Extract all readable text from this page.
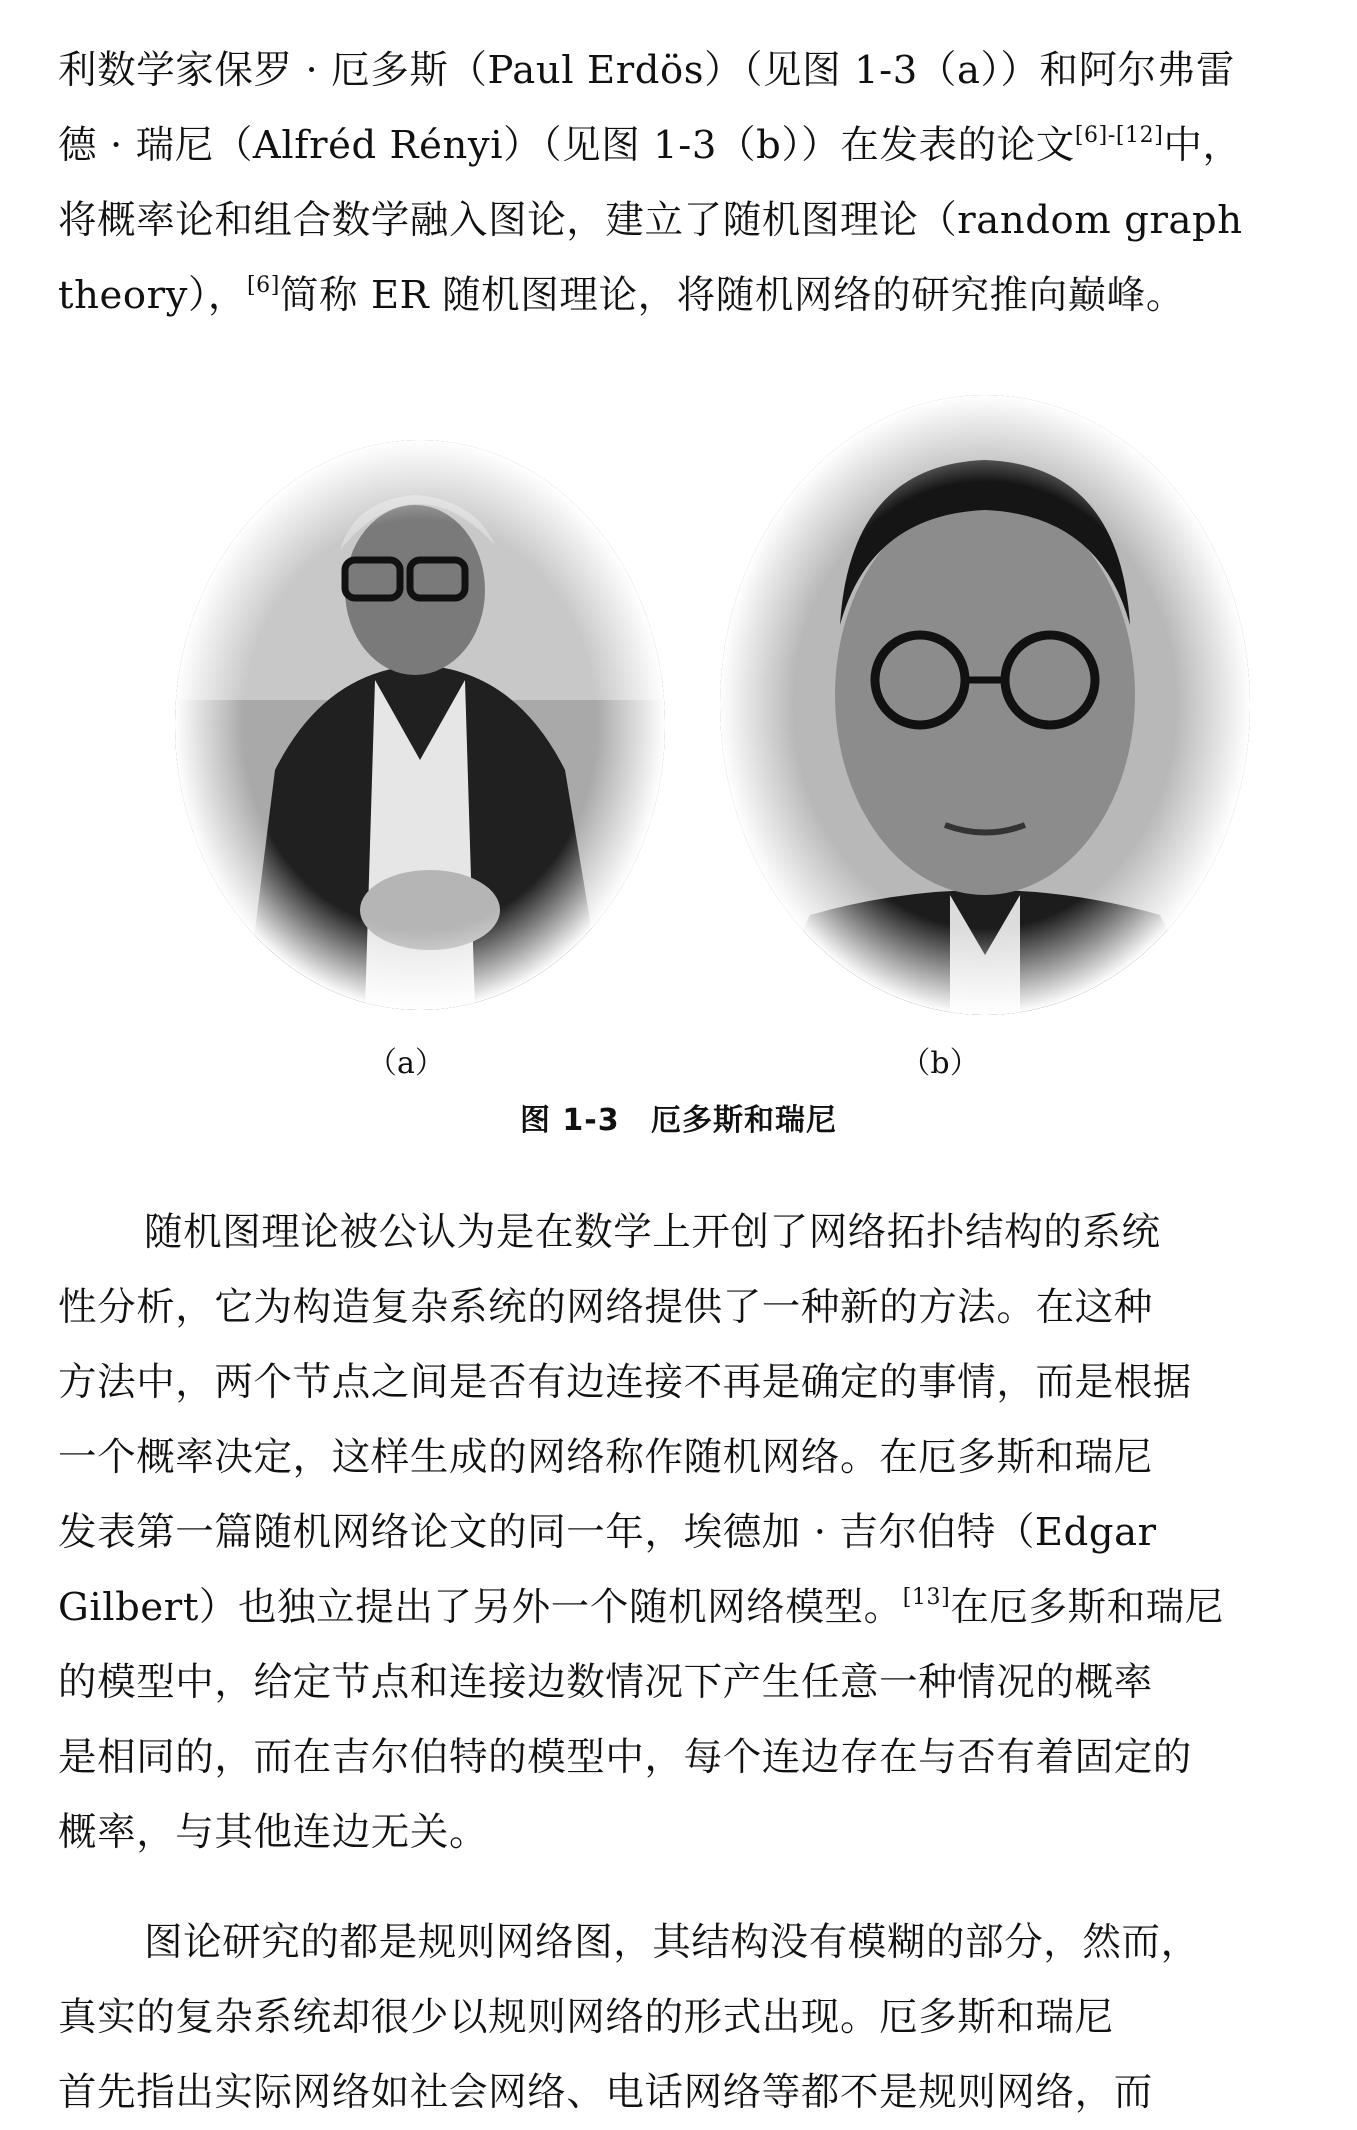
利数学家保罗 · 厄多斯（Paul Erdös）（见图 1-3（a））和阿尔弗雷
德 · 瑞尼（Alfréd Rényi）（见图 1-3（b））在发表的论文[6]-[12]中，
将概率论和组合数学融入图论，建立了随机图理论（random graph
theory），[6]简称 ER 随机图理论，将随机网络的研究推向巅峰。

（a）	（b）
图 1-3 厄多斯和瑞尼

随机图理论被公认为是在数学上开创了网络拓扑结构的系统
性分析，它为构造复杂系统的网络提供了一种新的方法。在这种
方法中，两个节点之间是否有边连接不再是确定的事情，而是根据
一个概率决定，这样生成的网络称作随机网络。在厄多斯和瑞尼
发表第一篇随机网络论文的同一年，埃德加 · 吉尔伯特（Edgar
Gilbert）也独立提出了另外一个随机网络模型。[13]在厄多斯和瑞尼
的模型中，给定节点和连接边数情况下产生任意一种情况的概率
是相同的，而在吉尔伯特的模型中，每个连边存在与否有着固定的
概率，与其他连边无关。

图论研究的都是规则网络图，其结构没有模糊的部分，然而，
真实的复杂系统却很少以规则网络的形式出现。厄多斯和瑞尼
首先指出实际网络如社会网络、电话网络等都不是规则网络，而
